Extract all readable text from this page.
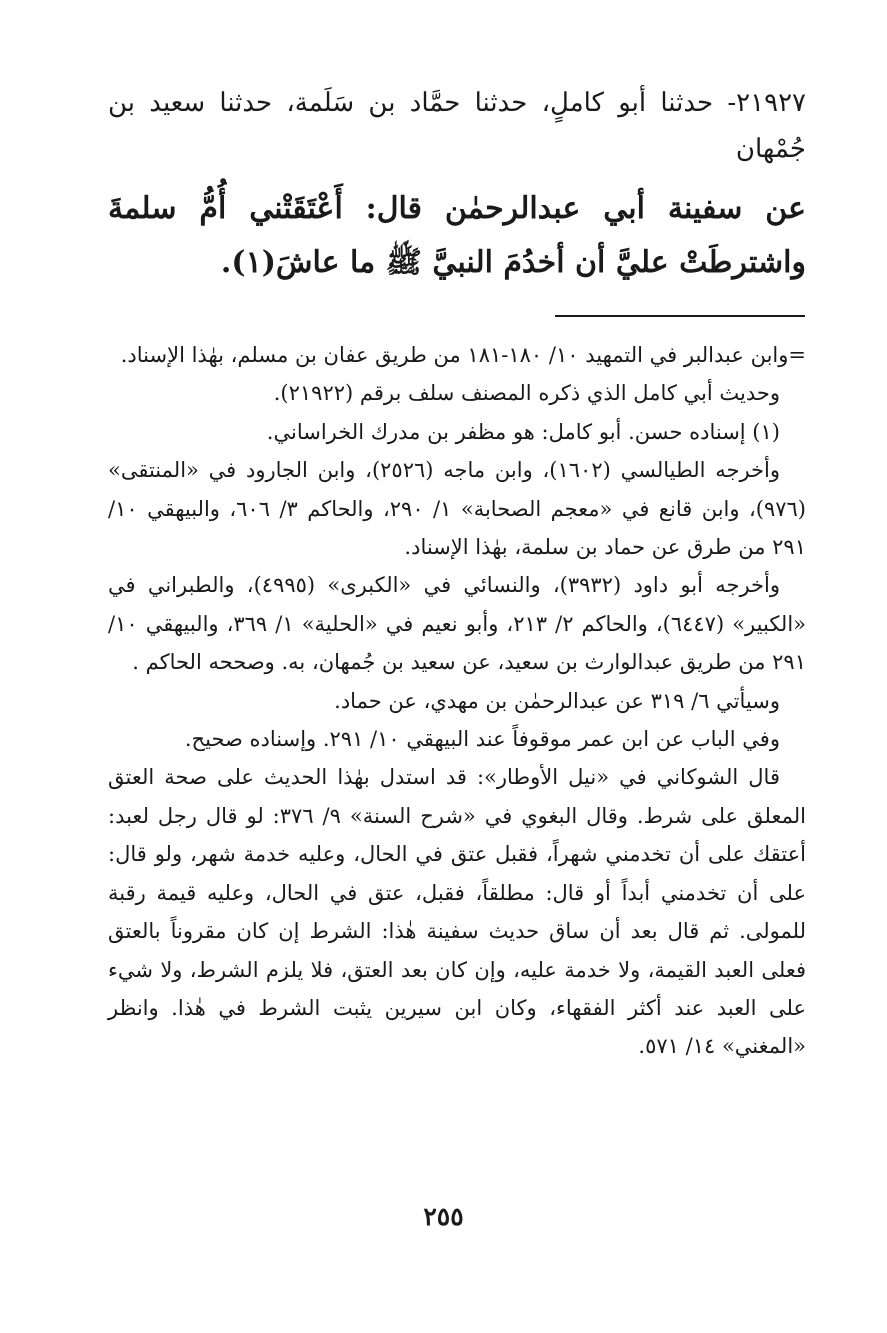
٢١٩٢٧- حدثنا أبو كاملٍ، حدثنا حمَّاد بن سَلَمة، حدثنا سعيد بن جُمْهان
عن سفينة أبي عبدالرحمٰن قال: أَعْتَقَتْني أُمُّ سلمةَ واشترطَتْ عليَّ أن أخدُمَ النبيَّ ﷺ ما عاشَ(١).

=وابن عبدالبر في التمهيد ١٠/ ١٨٠-١٨١ من طريق عفان بن مسلم، بهٰذا الإسناد.

وحديث أبي كامل الذي ذكره المصنف سلف برقم (٢١٩٢٢).

(١) إسناده حسن. أبو كامل: هو مظفر بن مدرك الخراساني.

وأخرجه الطيالسي (١٦٠٢)، وابن ماجه (٢٥٢٦)، وابن الجارود في «المنتقى» (٩٧٦)، وابن قانع في «معجم الصحابة» ١/ ٢٩٠، والحاكم ٣/ ٦٠٦، والبيهقي ١٠/ ٢٩١ من طرق عن حماد بن سلمة، بهٰذا الإسناد.

وأخرجه أبو داود (٣٩٣٢)، والنسائي في «الكبرى» (٤٩٩٥)، والطبراني في «الكبير» (٦٤٤٧)، والحاكم ٢/ ٢١٣، وأبو نعيم في «الحلية» ١/ ٣٦٩، والبيهقي ١٠/ ٢٩١ من طريق عبدالوارث بن سعيد، عن سعيد بن جُمهان، به. وصححه الحاكم .

وسيأتي ٦/ ٣١٩ عن عبدالرحمٰن بن مهدي، عن حماد.

وفي الباب عن ابن عمر موقوفاً عند البيهقي ١٠/ ٢٩١. وإسناده صحيح.

قال الشوكاني في «نيل الأوطار»: قد استدل بهٰذا الحديث على صحة العتق المعلق على شرط. وقال البغوي في «شرح السنة» ٩/ ٣٧٦: لو قال رجل لعبد: أعتقك على أن تخدمني شهراً، فقبل عتق في الحال، وعليه خدمة شهر، ولو قال: على أن تخدمني أبداً أو قال: مطلقاً، فقبل، عتق في الحال، وعليه قيمة رقبة للمولى. ثم قال بعد أن ساق حديث سفينة هٰذا: الشرط إن كان مقروناً بالعتق فعلى العبد القيمة، ولا خدمة عليه، وإن كان بعد العتق، فلا يلزم الشرط، ولا شيء على العبد عند أكثر الفقهاء، وكان ابن سيرين يثبت الشرط في هٰذا. وانظر «المغني» ١٤/ ٥٧١.

٢٥٥
